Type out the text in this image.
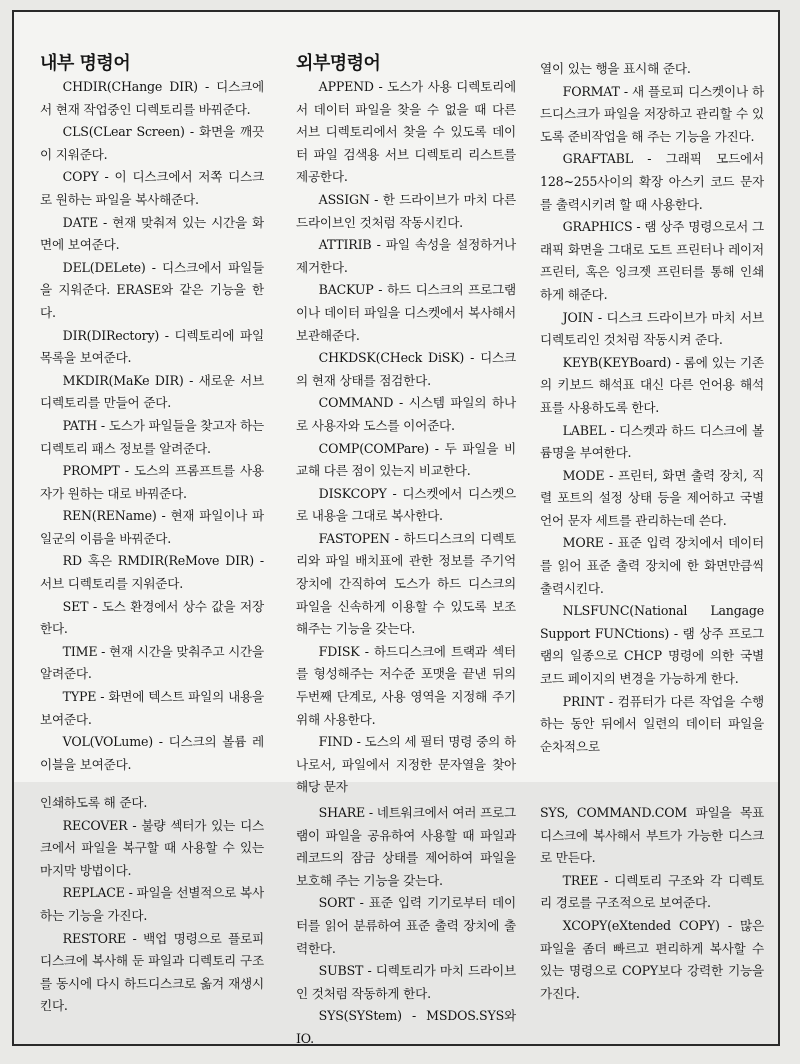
내부 명령어

CHDIR(CHange DIR) - 디스크에서 현재 작업중인 디렉토리를 바꿔준다.

CLS(CLear Screen) - 화면을 깨끗이 지워준다.

COPY - 이 디스크에서 저쪽 디스크로 원하는 파일을 복사해준다.

DATE - 현재 맞춰져 있는 시간을 화면에 보여준다.

DEL(DELete) - 디스크에서 파일들을 지워준다. ERASE와 같은 기능을 한다.

DIR(DIRectory) - 디렉토리에 파일 목록을 보여준다.

MKDIR(MaKe DIR) - 새로운 서브 디렉토리를 만들어 준다.

PATH - 도스가 파일들을 찾고자 하는 디렉토리 패스 정보를 알려준다.

PROMPT - 도스의 프롬프트를 사용자가 원하는 대로 바꿔준다.

REN(REName) - 현재 파일이나 파일군의 이름을 바꿔준다.

RD 혹은 RMDIR(ReMove DIR) - 서브 디렉토리를 지워준다.

SET - 도스 환경에서 상수 값을 저장한다.

TIME - 현재 시간을 맞춰주고 시간을 알려준다.

TYPE - 화면에 텍스트 파일의 내용을 보여준다.

VOL(VOLume) - 디스크의 볼륨 레이블을 보여준다.

외부명령어

APPEND - 도스가 사용 디렉토리에서 데이터 파일을 찾을 수 없을 때 다른 서브 디렉토리에서 찾을 수 있도록 데이터 파일 검색용 서브 디렉토리 리스트를 제공한다.

ASSIGN - 한 드라이브가 마치 다른 드라이브인 것처럼 작동시킨다.

ATTIRIB - 파일 속성을 설정하거나 제거한다.

BACKUP - 하드 디스크의 프로그램이나 데이터 파일을 디스켓에서 복사해서 보관해준다.

CHKDSK(CHeck DiSK) - 디스크의 현재 상태를 점검한다.

COMMAND - 시스템 파일의 하나로 사용자와 도스를 이어준다.

COMP(COMPare) - 두 파일을 비교해 다른 점이 있는지 비교한다.

DISKCOPY - 디스켓에서 디스켓으로 내용을 그대로 복사한다.

FASTOPEN - 하드디스크의 디렉토리와 파일 배치표에 관한 정보를 주기억 장치에 간직하여 도스가 하드 디스크의 파일을 신속하게 이용할 수 있도록 보조해주는 기능을 갖는다.

FDISK - 하드디스크에 트랙과 섹터를 형성해주는 저수준 포맷을 끝낸 뒤의 두번째 단계로, 사용 영역을 지정해 주기 위해 사용한다.

FIND - 도스의 세 필터 명령 중의 하나로서, 파일에서 지정한 문자열을 찾아 해당 문자

열이 있는 행을 표시해 준다.

FORMAT - 새 플로피 디스켓이나 하드디스크가 파일을 저장하고 관리할 수 있도록 준비작업을 해 주는 기능을 가진다.

GRAFTABL - 그래픽 모드에서 128~255사이의 확장 아스키 코드 문자를 출력시키려 할 때 사용한다.

GRAPHICS - 램 상주 명령으로서 그래픽 화면을 그대로 도트 프린터나 레이저 프린터, 혹은 잉크젯 프린터를 통해 인쇄하게 해준다.

JOIN - 디스크 드라이브가 마치 서브디렉토리인 것처럼 작동시켜 준다.

KEYB(KEYBoard) - 롬에 있는 기존의 키보드 해석표 대신 다른 언어용 해석표를 사용하도록 한다.

LABEL - 디스켓과 하드 디스크에 볼륨명을 부여한다.

MODE - 프린터, 화면 출력 장치, 직렬 포트의 설정 상태 등을 제어하고 국별 언어 문자 세트를 관리하는데 쓴다.

MORE - 표준 입력 장치에서 데이터를 읽어 표준 출력 장치에 한 화면만큼씩 출력시킨다.

NLSFUNC(National Langage Support FUNCtions) - 램 상주 프로그램의 일종으로 CHCP 명령에 의한 국별 코드 페이지의 변경을 가능하게 한다.

PRINT - 컴퓨터가 다른 작업을 수행하는 동안 뒤에서 일련의 데이터 파일을 순차적으로

인쇄하도록 해 준다.

RECOVER - 불량 섹터가 있는 디스크에서 파일을 복구할 때 사용할 수 있는 마지막 방법이다.

REPLACE - 파일을 선별적으로 복사하는 기능을 가진다.

RESTORE - 백업 명령으로 플로피 디스크에 복사해 둔 파일과 디렉토리 구조를 동시에 다시 하드디스크로 옮겨 재생시킨다.

SHARE - 네트워크에서 여러 프로그램이 파일을 공유하여 사용할 때 파일과 레코드의 잠금 상태를 제어하여 파일을 보호해 주는 기능을 갖는다.

SORT - 표준 입력 기기로부터 데이터를 읽어 분류하여 표준 출력 장치에 출력한다.

SUBST - 디렉토리가 마치 드라이브인 것처럼 작동하게 한다.

SYS(SYStem) - MSDOS.SYS와 IO.

SYS, COMMAND.COM 파일을 목표 디스크에 복사해서 부트가 가능한 디스크로 만든다.

TREE - 디렉토리 구조와 각 디렉토리 경로를 구조적으로 보여준다.

XCOPY(eXtended COPY) - 많은 파일을 좀더 빠르고 편리하게 복사할 수 있는 명령으로 COPY보다 강력한 기능을 가진다.
